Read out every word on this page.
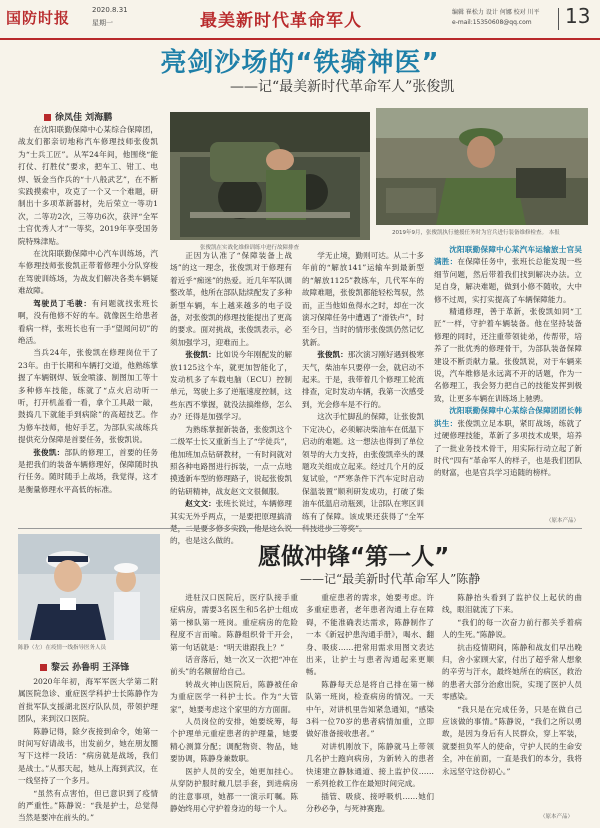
国防时报	2020.8.31
星期一	最美新时代革命军人	编辑 崔松力 设计 何娜 校对 川平
e-mail:15350608@qq.com 13
亮剑沙场的“铁骑神医”
——记“最美新时代革命军人”张俊凯
徐凤佳 刘海鹏
张俊凯在实战化维修训练中进行故障排查
2019年9月，张俊凯执行驰援任务时为官兵进行装备维修检查。 本报

在沈阳联勤保障中心某综合保障团，战友们都亲切地称汽车修理技师张俊凯为“士兵工匠”。从军24年间，他围绕“能打仗、打胜仗”要求，把车工、钳工、电焊、钣金当作兵的“十八般武艺”，在不断实践摸索中，攻克了一个又一个难题，研制出十多项革新器材，先后荣立一等功1次，二等功2次，三等功6次，获评“全军士官优秀人才”一等奖，2019年享受国务院特殊津贴。

在沈阳联勤保障中心汽车训练场，汽车修理技师张俊凯正带着修理小分队穿梭在驾驶训练场，为战友们解决各类车辆疑难故障。

驾驶员丁毛骏：有问题就找张班长啊，没有他修不好的车。就像医生给患者看病一样，张班长也有一手“望闻问切”的绝活。

当兵24年，张俊凯在修理岗位干了23年。由于长期和车辆打交道，他熟练掌握了车辆钢焊、钣金喷漆、制图加工等十多种修车技能，练就了“点火启动听一听，打开机盖看一看，拿个工具敲一敲，鼓捣几下就能手到病除”的高超技艺。作为修车技师，他好手艺，为部队实战练兵提供充分保障是首要任务，张俊凯说。

张俊凯：部队的修理工，首要的任务是把我们的装备车辆修理好，保障随时执行任务。随时随手上战场，我觉得，这才是衡量修理水平高低的标准。

正因为认准了“保障装备上战场”的这一理念，张俊凯对于修理有着近乎“痴迷”的热爱。近几年军队调整改革，他所在部队陆续配发了多种新型车辆，车上越来越多的电子设备，对张俊凯的修理技能提出了更高的要求。面对挑战，张俊凯表示，必须加强学习，迎难而上。

张俊凯：比如说今年刚配发的解放1125这个车，就更加智能化了，发动机多了车载电脑（ECU）控制单元，驾驶上多了逆瓶速度控制，这些东西不掌握，就没法搞维修，怎么办？还得是加强学习。

为熟练掌握新装备，张俊凯这个二级军士长又重新当上了“学徒兵”，他加班加点钻研教材，一有时间就对照各种电路图进行拆装，一点一点地摸透新车型的修理路子，说起张俊凯的钻研精神，战友赵文文很佩服。

赵文文：张班长说过，车辆修理其实无外乎两点，一是要把原理搞清 的，也是这么做的。

学无止境，勤则可达。从二十多年前的“解放141”运输车到最新型的“解放1125”教练车，几代军车的故障难题，张俊凯都能轻松驾驭，然而，正当他如鱼得水之时，却在一次演习保障任务中遭遇了“滑铁卢”，时至今日，当时的情形张俊凯仍然记忆犹新。

张俊凯：那次演习刚好遇到极寒天气，柴油车只要停一会，就启动不起来。于是，我带着几个修理工轮流排查，定时发动车辆，我第一次感受到，光会修车是不行的。

这次手忙脚乱的保障，让张俊凯下定决心，必须解决柴油车在低温下启动的难题。这一想法也得到了单位领导的大力支持，由张俊凯牵头的课题攻关组成立起来。经过几个月的反复试验，“严寒条件下汽车定时启动保温装置”顺利研发成功，打破了柴油车低温启动瓶颈，让部队在寒区训练有了保障。该成果还获得了“全军

沈阳联勤保障中心某汽车运输旅士官吴满胜：在保障任务中，张班长总能发现一些细节问题，然后带着我们找到解决办法。立足自身，解决难题，做到小修不随收，大中修不过周，实打实提高了车辆保障能力。

精通修理，善于革新，张俊凯如同“工匠”一样，守护着车辆装备。他在坚持装备修理的同时，还注重带领徒弟，传帮带，培养了一批优秀的修理骨干，为部队装备保障建设不断贡献力量。张俊凯说，对于车辆来说，汽车维修是永远离不开的话题，作为一名修理工，我会努力把自己的技能发挥到极致，让更多车辆在训练场上驰骋。

沈阳联勤保障中心某综合保障团团长韩洪生：张俊凯立足本职，紧盯战场，练就了过硬修理技能，革新了多项技术成果，培养了一批业务技术骨干，用实际行动立起了新时代“四有”革命军人的样子，也是我们团队的财富，也是官兵学习追随的榜样。

（原本产品）
陈静（左）在疫情一线指导医务人员
愿做冲锋“第一人”
——记“最美新时代革命军人”陈静
黎云 孙鲁明 王泽锋

2020年年初，海军军医大学第二附属医院急诊、重症医学科护士长陈静作为首批军队支援湖北医疗队队员，带领护理团队，来到汉口医院。

陈静记得，除夕夜接到命令，她第一时间写好请战书，出发前夕，她在朋友圈写下这样一段话：“病房就是战场，我们是战士。”从那天起，她从上海到武汉，在一线坚持了一个多月。

“虽然有点害怕，但已意识到了疫情的严重性。”陈静说：“我是护士，总觉得当然是要冲在前头的。”

进驻汉口医院后，医疗队接手重症病房，需要3名医生和5名护士组成第一梯队第一班岗。重症病房的危险程度不言而喻。陈静组织骨干开会，第一句话就是：“明天谁跟我上？”

话音落后，她一次又一次把“冲在前头”的名额留给自己。

转战火神山医院后，陈静被任命为重症医学一科护士长。作为“大管家”，她要考虑这个家里的方方面面。

人员岗位的安排，她要统筹，每个护理单元重症患者的护理量，她要精心测算分配；调配物资、物品，她要协调，陈静身兼数职。

医护人员的安全，她更加挂心。从穿防护服时戴几层手套，到进病房的注意事项，她都一一演示叮嘱。陈静始终用心守护着身边的每一个人。

重症患者的需求，她要考虑。许多重症患者，老年患者沟通上存在障碍，不能准确表达需求，陈静制作了一本《新冠护患沟通手册》，喝水、翻身、吸痰……把常用需求用图文表达出来，让护士与患者沟通起来更顺畅。

陈静每天总是将自己排在第一梯队第一班岗，检查病房的情况。一天中午，对讲机里告知紧急通知，“感染3科一位70岁的患者病情加重，立即做好准备接收患者。”

对讲机刚放下，陈静就马上带领几名护士跑向病房，为新转入的患者快速建立静脉通道、接上监护仪……一系列抢救工作在最短时间完成。

插管、吸痰、接呼吸机……她们分秒必争，与死神赛跑。

陈静抬头看到了监护仪上起伏的曲线，眼泪就流了下来。

“我们的每一次奋力前行都关乎着病人的生死。”陈静说。

抗击疫情期间，陈静和战友们早出晚归，舍小家顾大家，付出了超乎常人想象的辛劳与汗水，最终她所在的病区，救治的患者大部分治愈出院，实现了医护人员零感染。

“我只是在完成任务，只是在做自己应该做的事情。”陈静说，“我们之所以勇敢，是因为身后有人民群众，穿上军装，就要担负军人的使命，守护人民的生命安全，冲在前面，一直是我们的本分，我将永远坚守这份初心。”

（原本产品）
